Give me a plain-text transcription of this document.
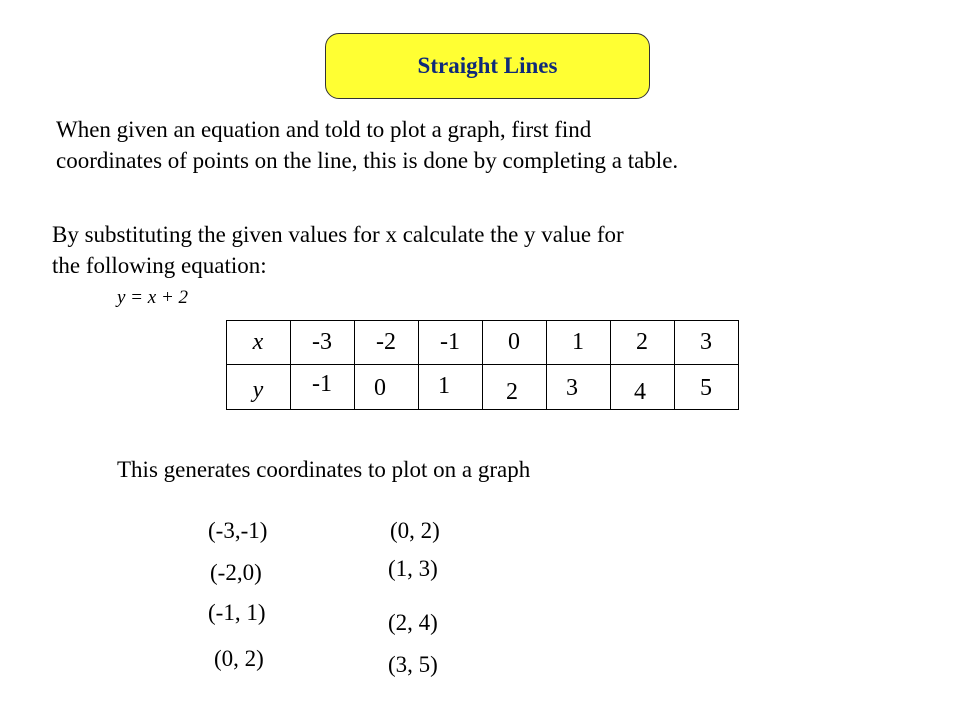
Straight Lines
When given an equation and told to plot a graph, first find
coordinates of points on the line, this is done by completing a table.
By substituting the given values for x calculate the y value for
the following equation:
y = x + 2
x	-3	-2	-1	0	1	2	3
y	-1	0	1	2	3	4	5
This generates coordinates to plot on a graph
(-3,-1)
(-2,0)
(-1, 1)
(0, 2)
(0, 2)
(1, 3)
(2, 4)
(3, 5)
